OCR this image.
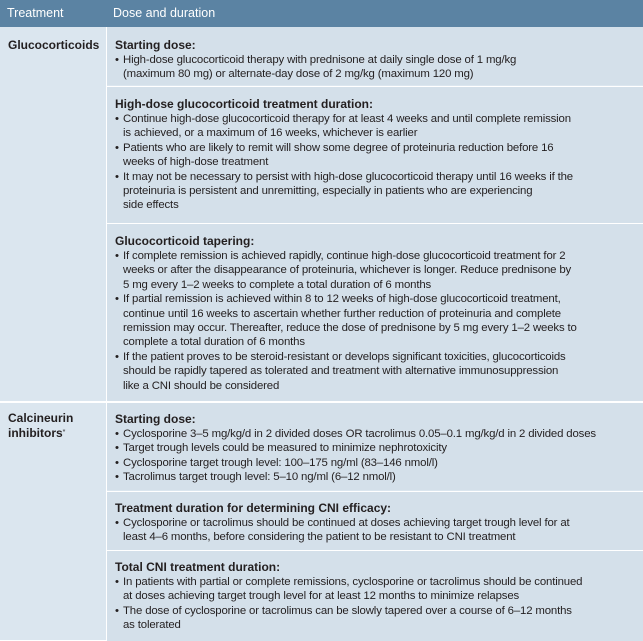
Treatment	Dose and duration
Glucocorticoids	Starting dose:
• High-dose glucocorticoid therapy with prednisone at daily single dose of 1 mg/kg
(maximum 80 mg) or alternate-day dose of 2 mg/kg (maximum 120 mg)
High-dose glucocorticoid treatment duration:
• Continue high-dose glucocorticoid therapy for at least 4 weeks and until complete remission
is achieved, or a maximum of 16 weeks, whichever is earlier
• Patients who are likely to remit will show some degree of proteinuria reduction before 16
weeks of high-dose treatment
• It may not be necessary to persist with high-dose glucocorticoid therapy until 16 weeks if the
proteinuria is persistent and unremitting, especially in patients who are experiencing
side effects
Glucocorticoid tapering:
• If complete remission is achieved rapidly, continue high-dose glucocorticoid treatment for 2
weeks or after the disappearance of proteinuria, whichever is longer. Reduce prednisone by
5 mg every 1–2 weeks to complete a total duration of 6 months
• If partial remission is achieved within 8 to 12 weeks of high-dose glucocorticoid treatment,
continue until 16 weeks to ascertain whether further reduction of proteinuria and complete
remission may occur. Thereafter, reduce the dose of prednisone by 5 mg every 1–2 weeks to
complete a total duration of 6 months
• If the patient proves to be steroid-resistant or develops significant toxicities, glucocorticoids
should be rapidly tapered as tolerated and treatment with alternative immunosuppression
like a CNI should be considered
Calcineurin
inhibitors*
Starting dose:
• Cyclosporine 3–5 mg/kg/d in 2 divided doses OR tacrolimus 0.05–0.1 mg/kg/d in 2 divided doses
• Target trough levels could be measured to minimize nephrotoxicity
• Cyclosporine target trough level: 100–175 ng/ml (83–146 nmol/l)
• Tacrolimus target trough level: 5–10 ng/ml (6–12 nmol/l)
Treatment duration for determining CNI efficacy:
• Cyclosporine or tacrolimus should be continued at doses achieving target trough level for at
least 4–6 months, before considering the patient to be resistant to CNI treatment
Total CNI treatment duration:
• In patients with partial or complete remissions, cyclosporine or tacrolimus should be continued
at doses achieving target trough level for at least 12 months to minimize relapses
• The dose of cyclosporine or tacrolimus can be slowly tapered over a course of 6–12 months
as tolerated
